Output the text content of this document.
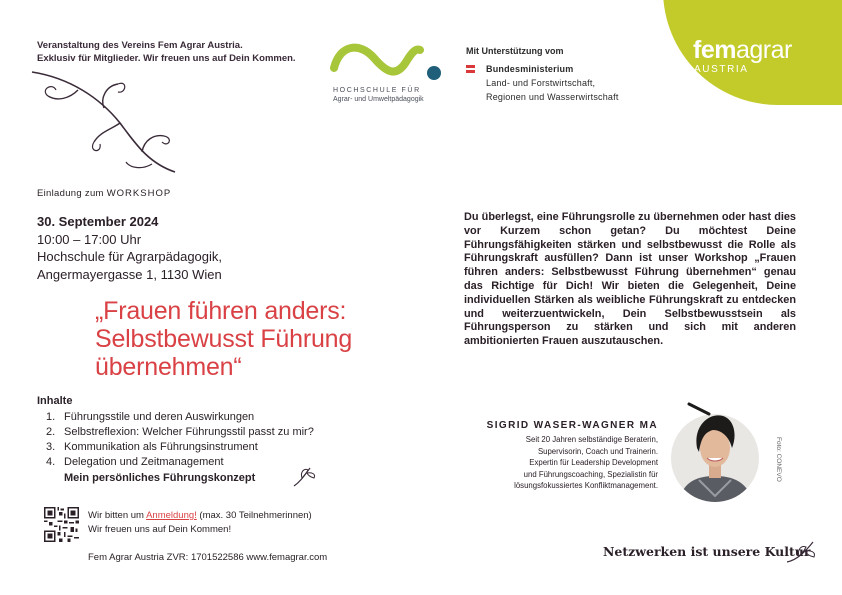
Veranstaltung des Vereins Fem Agrar Austria.
Exklusiv für Mitglieder. Wir freuen uns auf Dein Kommen.
HOCHSCHULE FÜR
Agrar- und Umweltpädagogik
Mit Unterstützung vom
Bundesministerium
Land- und Forstwirtschaft,
Regionen und Wasserwirtschaft
femagrar
AUSTRIA
Einladung zum WORKSHOP
30. September 2024
10:00 – 17:00 Uhr
Hochschule für Agrarpädagogik,
Angermayergasse 1, 1130 Wien
„Frauen führen anders:
Selbstbewusst Führung
übernehmen“
Inhalte
1. Führungsstile und deren Auswirkungen
2. Selbstreflexion: Welcher Führungsstil passt zu mir?
3. Kommunikation als Führungsinstrument
4. Delegation und Zeitmanagement
Mein persönliches Führungskonzept
Wir bitten um Anmeldung! (max. 30 Teilnehmerinnen)
Wir freuen uns auf Dein Kommen!
Fem Agrar Austria ZVR: 1701522586 www.femagrar.com
Du überlegst, eine Führungsrolle zu übernehmen oder hast dies vor Kurzem schon getan? Du möchtest Deine Führungsfähigkeiten stärken und selbstbewusst die Rolle als Führungskraft ausfüllen? Dann ist unser Workshop „Frauen führen anders: Selbstbewusst Führung übernehmen“ genau das Richtige für Dich! Wir bieten die Gelegenheit, Deine individuellen Stärken als weibliche Führungskraft zu entdecken und weiterzuentwickeln, Dein Selbstbewusstsein als Führungsperson zu stärken und sich mit anderen ambitionierten Frauen auszutauschen.
SIGRID WASER-WAGNER MA
Seit 20 Jahren selbständige Beraterin,
Supervisorin, Coach und Trainerin.
Expertin für Leadership Development
und Führungscoaching, Spezialistin für
lösungsfokussiertes Konfliktmanagement.
Foto: CONEVO
Netzwerken ist unsere Kultur
